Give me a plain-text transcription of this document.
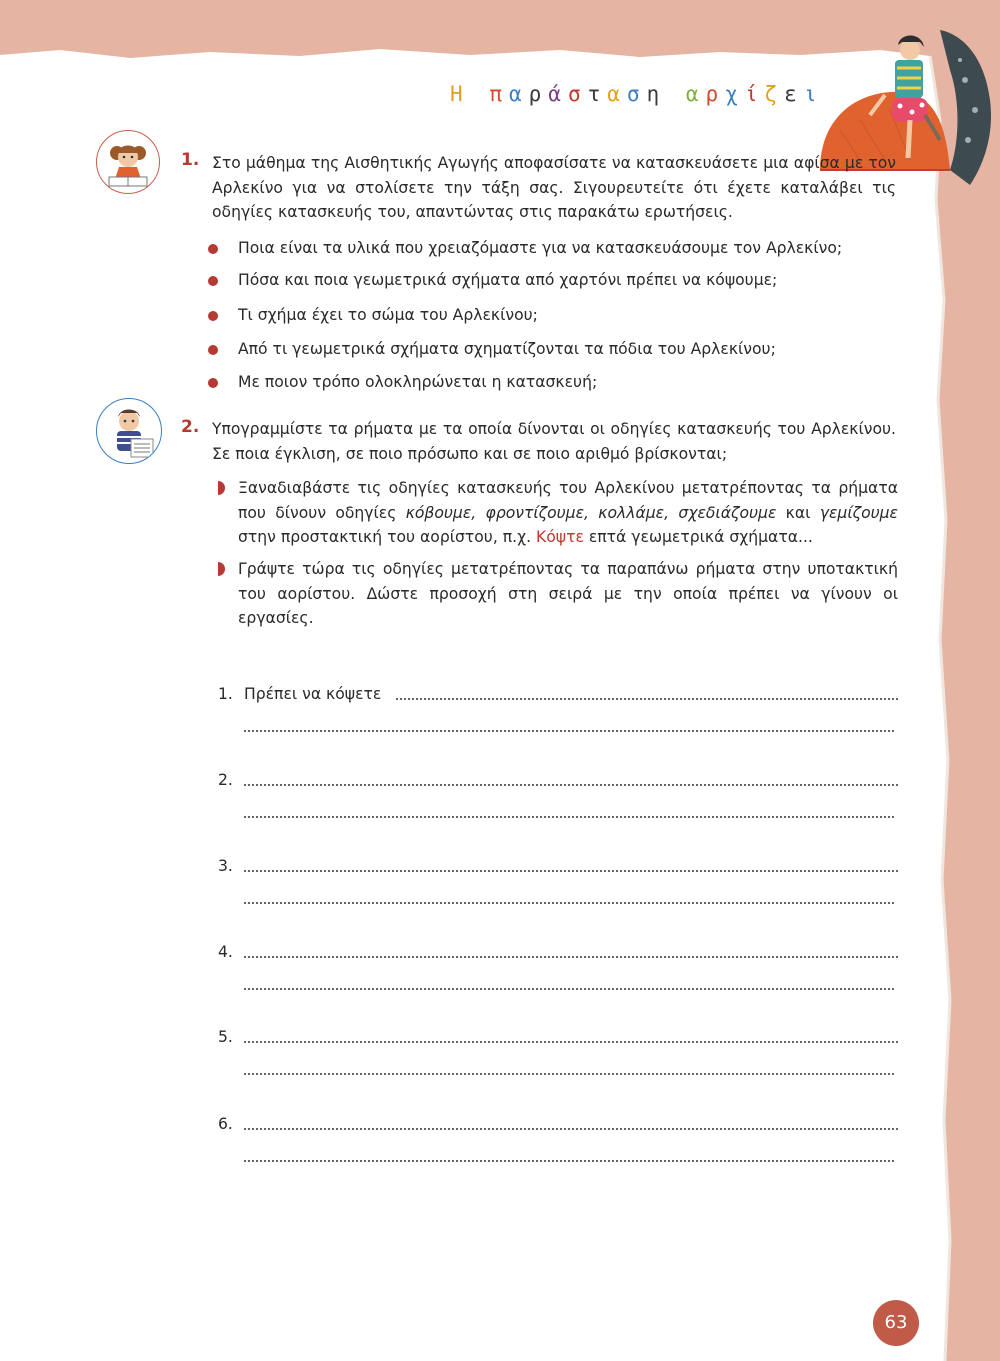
Η παράσταση αρχίζει
1. Στο μάθημα της Αισθητικής Αγωγής αποφασίσατε να κατασκευάσετε μια αφίσα με τον Αρλεκίνο για να στολίσετε την τάξη σας. Σιγουρευτείτε ότι έχετε καταλάβει τις οδηγίες κατασκευής του, απαντώντας στις παρακάτω ερωτήσεις.
Ποια είναι τα υλικά που χρειαζόμαστε για να κατασκευάσουμε τον Αρλεκίνο;
Πόσα και ποια γεωμετρικά σχήματα από χαρτόνι πρέπει να κόψουμε;
Τι σχήμα έχει το σώμα του Αρλεκίνου;
Από τι γεωμετρικά σχήματα σχηματίζονται τα πόδια του Αρλεκίνου;
Με ποιον τρόπο ολοκληρώνεται η κατασκευή;
2. Υπογραμμίστε τα ρήματα με τα οποία δίνονται οι οδηγίες κατασκευής του Αρλεκίνου. Σε ποια έγκλιση, σε ποιο πρόσωπο και σε ποιο αριθμό βρίσκονται;
Ξαναδιαβάστε τις οδηγίες κατασκευής του Αρλεκίνου μετατρέποντας τα ρήματα που δίνουν οδηγίες κόβουμε, φροντίζουμε, κολλάμε, σχεδιάζουμε και γεμίζουμε στην προστακτική του αορίστου, π.χ. Κόψτε επτά γεωμετρικά σχήματα...
Γράψτε τώρα τις οδηγίες μετατρέποντας τα παραπάνω ρήματα στην υποτακτική του αορίστου. Δώστε προσοχή στη σειρά με την οποία πρέπει να γίνουν οι εργασίες.
1. Πρέπει να κόψετε
2.
3.
4.
5.
6.
63
